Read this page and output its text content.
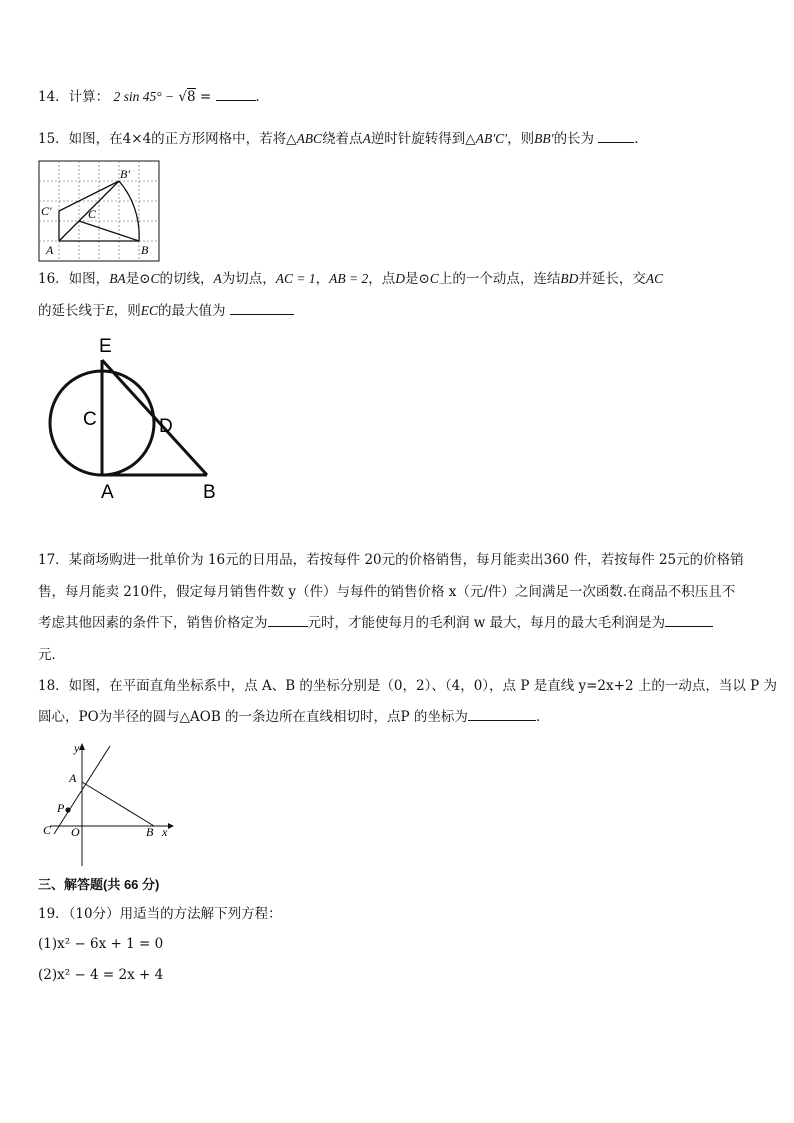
14．计算： 2 sin 45° − √8 =	．
15．如图，在4×4的正方形网格中，若将△ABC绕着点A逆时针旋转得到△AB′C′，则BB′的长为	．
B′
C′	C
A	B
16．如图，BA是⊙C的切线，A为切点，AC = 1，AB = 2，点D是⊙C上的一个动点，连结BD并延长，交AC
的延长线于E，则EC的最大值为
E
C	D
A	B
17．某商场购进一批单价为 16元的日用品，若按每件 20元的价格销售，每月能卖出360 件，若按每件 25元的价格销
售，每月能卖 210件，假定每月销售件数 y（件）与每件的销售价格 x（元/件）之间满足一次函数.在商品不积压且不
考虑其他因素的条件下，销售价格定为	元时，才能使每月的毛利润 w 最大，每月的最大毛利润是为
元．
18．如图，在平面直角坐标系中，点 A、B 的坐标分别是（0，2）、（4，0），点 P 是直线 y=2x+2 上的一动点，当以 P 为
圆心，PO为半径的圆与△AOB 的一条边所在直线相切时，点P 的坐标为	．
y
A
P
C O	B x
三、解答题(共 66 分)
19．（10分）用适当的方法解下列方程：
(1)x² − 6x + 1 = 0
(2)x² − 4 = 2x + 4
